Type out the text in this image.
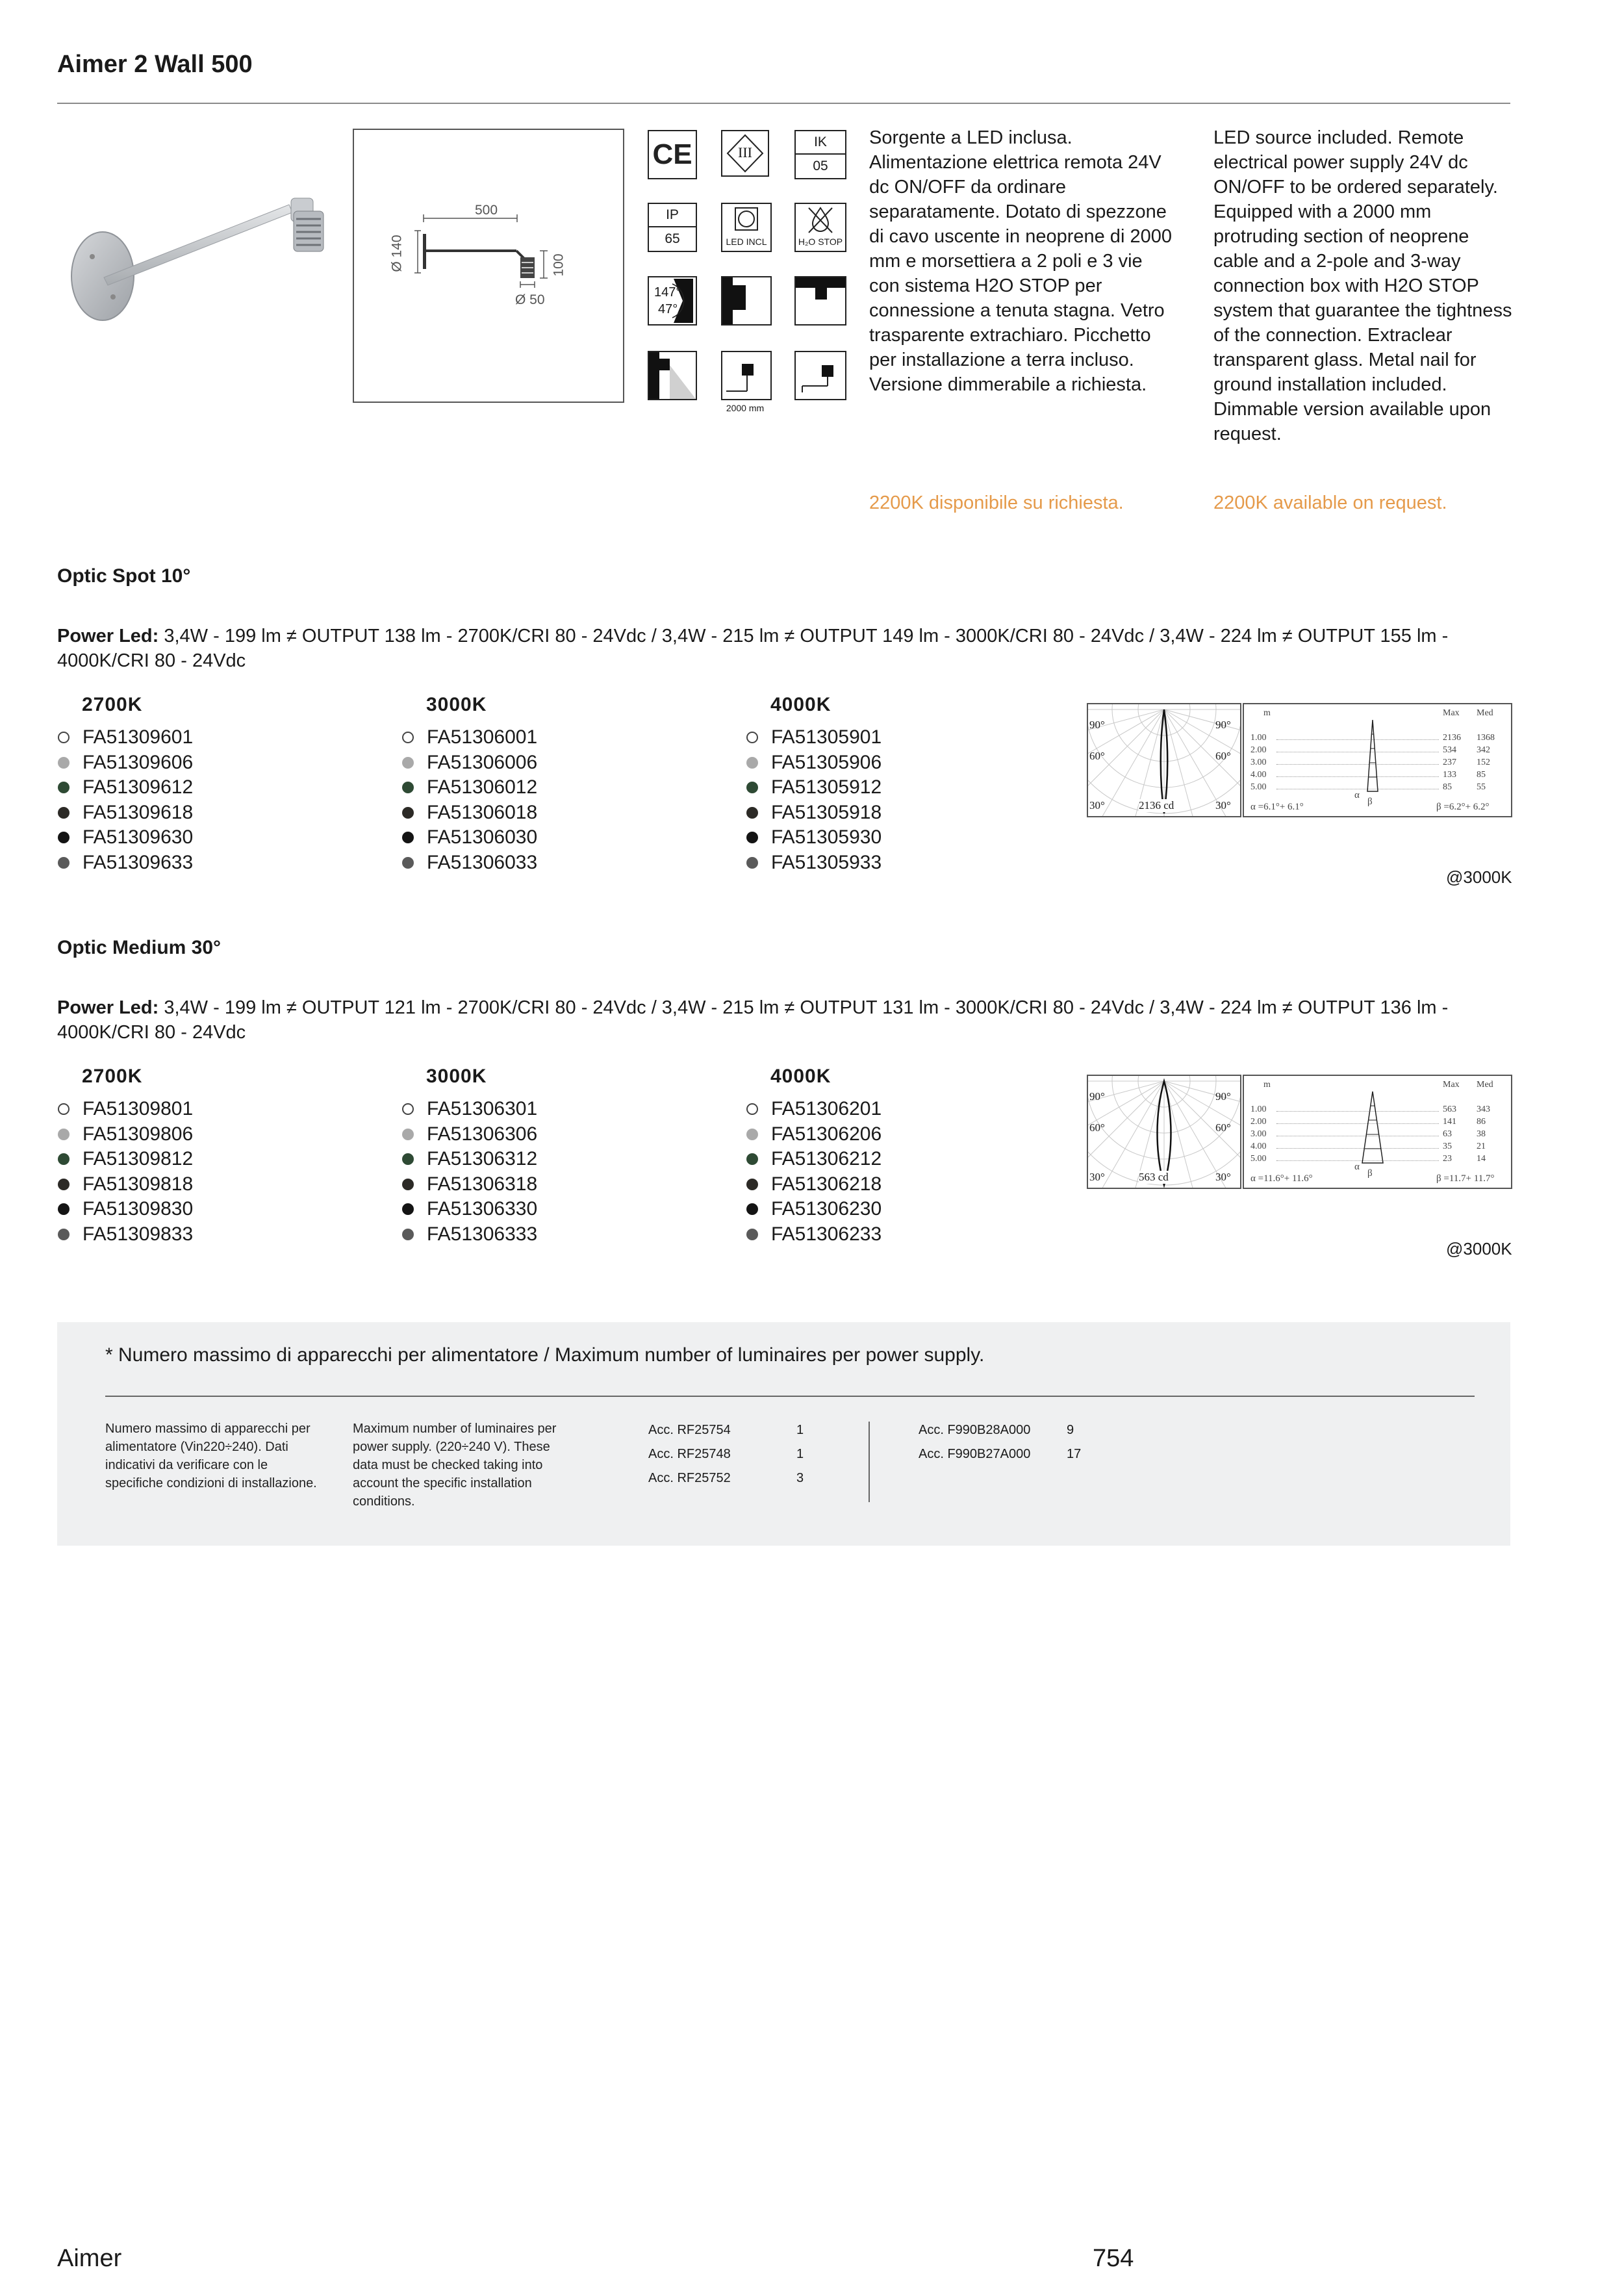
Aimer 2 Wall 500
500
Ø 140	100
Ø 50
CE	III
IK
05
IP
65	LED INCL	H₂O STOP
147°
47°
2000 mm
Sorgente a LED inclusa. Alimentazione elettrica remota 24V dc ON/OFF da ordinare separatamente. Dotato di spezzone di cavo uscente in neoprene di 2000 mm e morsettiera a 2 poli e 3 vie con sistema H2O STOP per connessione a tenuta stagna. Vetro trasparente extrachiaro. Picchetto per installazione a terra incluso. Versione dimmerabile a richiesta.
LED source included. Remote electrical power supply 24V dc ON/OFF to be ordered separately. Equipped with a 2000 mm protruding section of neoprene cable and a 2-pole and 3-way connection box with H2O STOP system that guarantee the tightness of the connection. Extraclear transparent glass. Metal nail for ground installation included. Dimmable version available upon request.
2200K disponibile su richiesta.	2200K available on request.
Optic Spot 10°
Power Led: 3,4W - 199 lm ≠ OUTPUT 138 lm - 2700K/CRI 80 - 24Vdc / 3,4W - 215 lm ≠ OUTPUT 149 lm - 3000K/CRI 80 - 24Vdc / 3,4W - 224 lm ≠ OUTPUT 155 lm - 4000K/CRI 80 - 24Vdc
2700K
FA51309601
FA51309606
FA51309612
FA51309618
FA51309630
FA51309633
3000K
FA51306001
FA51306006
FA51306012
FA51306018
FA51306030
FA51306033
4000K
FA51305901
FA51305906
FA51305912
FA51305918
FA51305930
FA51305933
90°	90°
60°	60°
30°	30°
2136 cd
m	Max Med
1.00	2136 1368
2.00	534 342
3.00	237 152
4.00	133 85
5.00	85	55
α
β
α =6.1°+ 6.1°	β =6.2°+ 6.2°
@3000K
Optic Medium 30°
Power Led: 3,4W - 199 lm ≠ OUTPUT 121 lm - 2700K/CRI 80 - 24Vdc / 3,4W - 215 lm ≠ OUTPUT 131 lm - 3000K/CRI 80 - 24Vdc / 3,4W - 224 lm ≠ OUTPUT 136 lm - 4000K/CRI 80 - 24Vdc
2700K
FA51309801
FA51309806
FA51309812
FA51309818
FA51309830
FA51309833
3000K
FA51306301
FA51306306
FA51306312
FA51306318
FA51306330
FA51306333
4000K
FA51306201
FA51306206
FA51306212
FA51306218
FA51306230
FA51306233
90°	90°
60°	60°
30°	30°
563 cd
m	Max Med
1.00	563 343
2.00	141 86
3.00	63	38
4.00	35	21
5.00	23	14
α
β
α =11.6°+ 11.6°	β =11.7+ 11.7°
@3000K
* Numero massimo di apparecchi per alimentatore / Maximum number of luminaires per power supply.
Numero massimo di apparecchi per alimentatore (Vin220÷240). Dati indicativi da verificare con le specifiche condizioni di installazione.
Maximum number of luminaires per power supply. (220÷240 V). These data must be checked taking into account the specific installation conditions.
Acc. RF25754	1
Acc. RF25748	1
Acc. RF25752	3
Acc. F990B28A000	9
Acc. F990B27A000	17
Aimer	754
